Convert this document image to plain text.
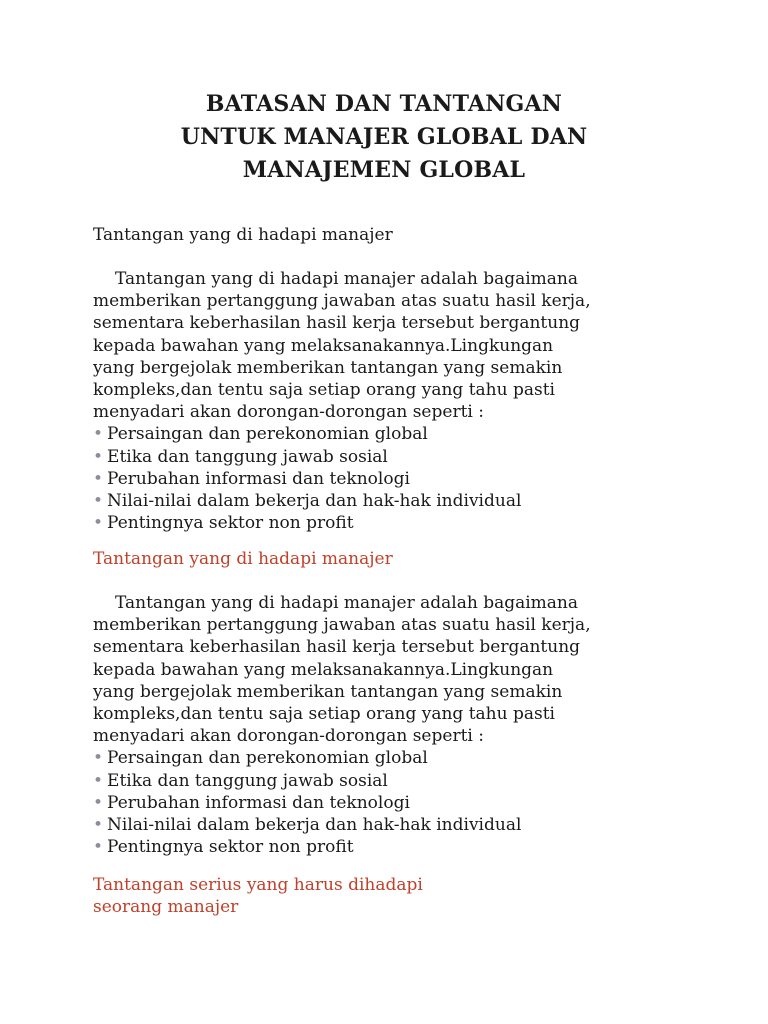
BATASAN DAN TANTANGAN
UNTUK MANAJER GLOBAL DAN
MANAJEMEN GLOBAL
Tantangan yang di hadapi manajer
Tantangan yang di hadapi manajer adalah bagaimana
memberikan pertanggung jawaban atas suatu hasil kerja,
sementara keberhasilan hasil kerja tersebut bergantung
kepada bawahan yang melaksanakannya.Lingkungan
yang bergejolak memberikan tantangan yang semakin
kompleks,dan tentu saja setiap orang yang tahu pasti
menyadari akan dorongan-dorongan seperti :
• Persaingan dan perekonomian global
• Etika dan tanggung jawab sosial
• Perubahan informasi dan teknologi
• Nilai-nilai dalam bekerja dan hak-hak individual
• Pentingnya sektor non profit
Tantangan yang di hadapi manajer
Tantangan yang di hadapi manajer adalah bagaimana
memberikan pertanggung jawaban atas suatu hasil kerja,
sementara keberhasilan hasil kerja tersebut bergantung
kepada bawahan yang melaksanakannya.Lingkungan
yang bergejolak memberikan tantangan yang semakin
kompleks,dan tentu saja setiap orang yang tahu pasti
menyadari akan dorongan-dorongan seperti :
• Persaingan dan perekonomian global
• Etika dan tanggung jawab sosial
• Perubahan informasi dan teknologi
• Nilai-nilai dalam bekerja dan hak-hak individual
• Pentingnya sektor non profit
Tantangan serius yang harus dihadapi
seorang manajer
